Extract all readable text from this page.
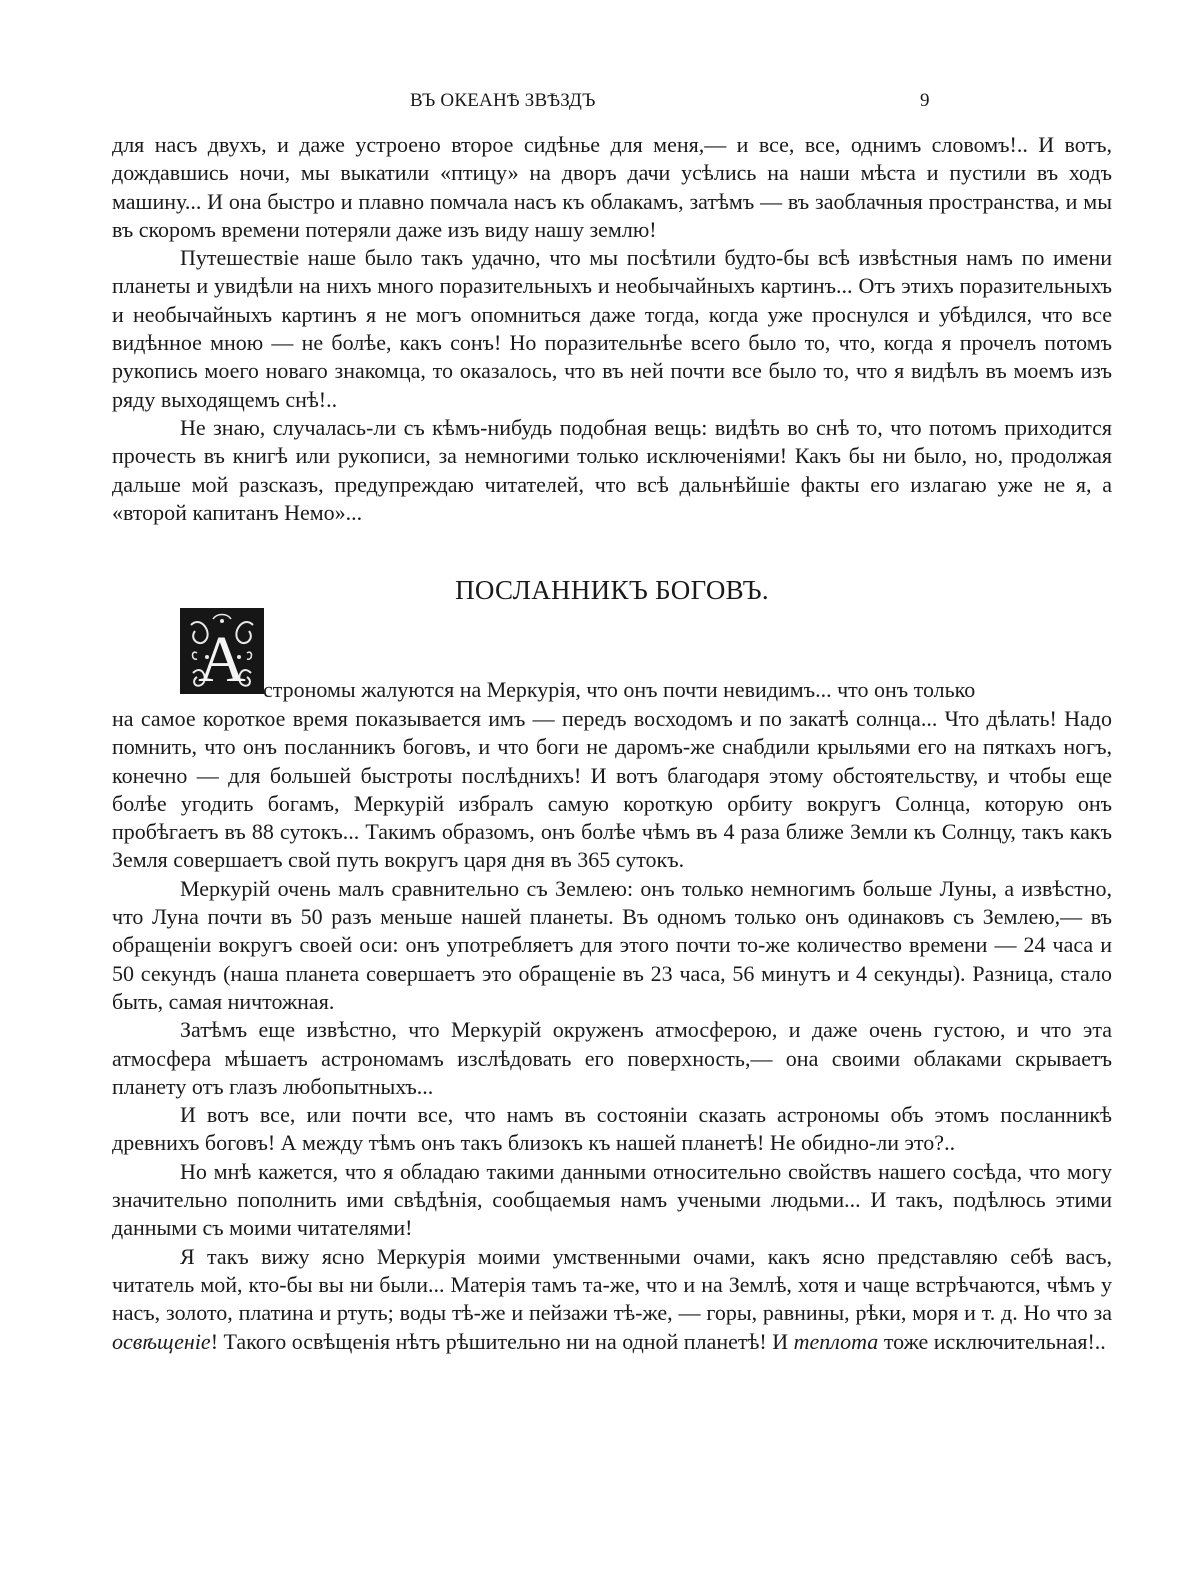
ВЪ ОКЕАНѢ ЗВѢЗДЪ	9

для насъ двухъ, и даже устроено второе сидѣнье для меня,— и все, все, однимъ словомъ!.. И вотъ, дождавшись ночи, мы выкатили «птицу» на дворъ дачи усѣлись на наши мѣста и пустили въ ходъ машину... И она быстро и плавно помчала насъ къ облакамъ, затѣмъ — въ заоблачныя пространства, и мы въ скоромъ времени потеряли даже изъ виду нашу землю!

Путешествіе наше было такъ удачно, что мы посѣтили будто-бы всѣ извѣстныя намъ по имени планеты и увидѣли на нихъ много поразительныхъ и необычайныхъ картинъ... Отъ этихъ поразительныхъ и необычайныхъ картинъ я не могъ опомниться даже тогда, когда уже проснулся и убѣдился, что все видѣнное мною — не болѣе, какъ сонъ! Но поразительнѣе всего было то, что, когда я прочелъ потомъ рукопись моего новаго знакомца, то оказалось, что въ ней почти все было то, что я видѣлъ въ моемъ изъ ряду выходящемъ снѣ!..

Не знаю, случалась-ли съ кѣмъ-нибудь подобная вещь: видѣть во снѣ то, что потомъ приходится прочесть въ книгѣ или рукописи, за немногими только исключеніями! Какъ бы ни было, но, продолжая дальше мой разсказъ, предупреждаю читателей, что всѣ дальнѣйшіе факты его излагаю уже не я, а «второй капитанъ Немо»...

ПОСЛАННИКЪ БОГОВЪ.
А строномы жалуются на Меркурія, что онъ почти невидимъ... что онъ только

на самое короткое время показывается имъ — передъ восходомъ и по закатѣ солнца... Что дѣлать! Надо помнить, что онъ посланникъ боговъ, и что боги не даромъ-же снабдили крыльями его на пяткахъ ногъ, конечно — для большей быстроты послѣднихъ! И вотъ благодаря этому обстоятельству, и чтобы еще болѣе угодить богамъ, Меркурій избралъ самую короткую орбиту вокругъ Солнца, которую онъ пробѣгаетъ въ 88 сутокъ... Такимъ образомъ, онъ болѣе чѣмъ въ 4 раза ближе Земли къ Солнцу, такъ какъ Земля совершаетъ свой путь вокругъ царя дня въ 365 сутокъ.

Меркурій очень малъ сравнительно съ Землею: онъ только немногимъ больше Луны, а извѣстно, что Луна почти въ 50 разъ меньше нашей планеты. Въ одномъ только онъ одинаковъ съ Землею,— въ обращеніи вокругъ своей оси: онъ употребляетъ для этого почти то-же количество времени — 24 часа и 50 секундъ (наша планета совершаетъ это обращеніе въ 23 часа, 56 минутъ и 4 секунды). Разница, стало быть, самая ничтожная.

Затѣмъ еще извѣстно, что Меркурій окруженъ атмосферою, и даже очень густою, и что эта атмосфера мѣшаетъ астрономамъ изслѣдовать его поверхность,— она своими облаками скрываетъ планету отъ глазъ любопытныхъ...

И вотъ все, или почти все, что намъ въ состояніи сказать астрономы объ этомъ посланникѣ древнихъ боговъ! А между тѣмъ онъ такъ близокъ къ нашей планетѣ! Не обидно-ли это?..

Но мнѣ кажется, что я обладаю такими данными относительно свойствъ нашего сосѣда, что могу значительно пополнить ими свѣдѣнія, сообщаемыя намъ учеными людьми... И такъ, подѣлюсь этими данными съ моими читателями!

Я такъ вижу ясно Меркурія моими умственными очами, какъ ясно представляю себѣ васъ, читатель мой, кто-бы вы ни были... Матерія тамъ та-же, что и на Землѣ, хотя и чаще встрѣчаются, чѣмъ у насъ, золото, платина и ртуть; воды тѣ-же и пейзажи тѣ-же, — горы, равнины, рѣки, моря и т. д. Но что за освѣщеніе! Такого освѣщенія нѣтъ рѣшительно ни на одной планетѣ! И теплота тоже исключительная!..
